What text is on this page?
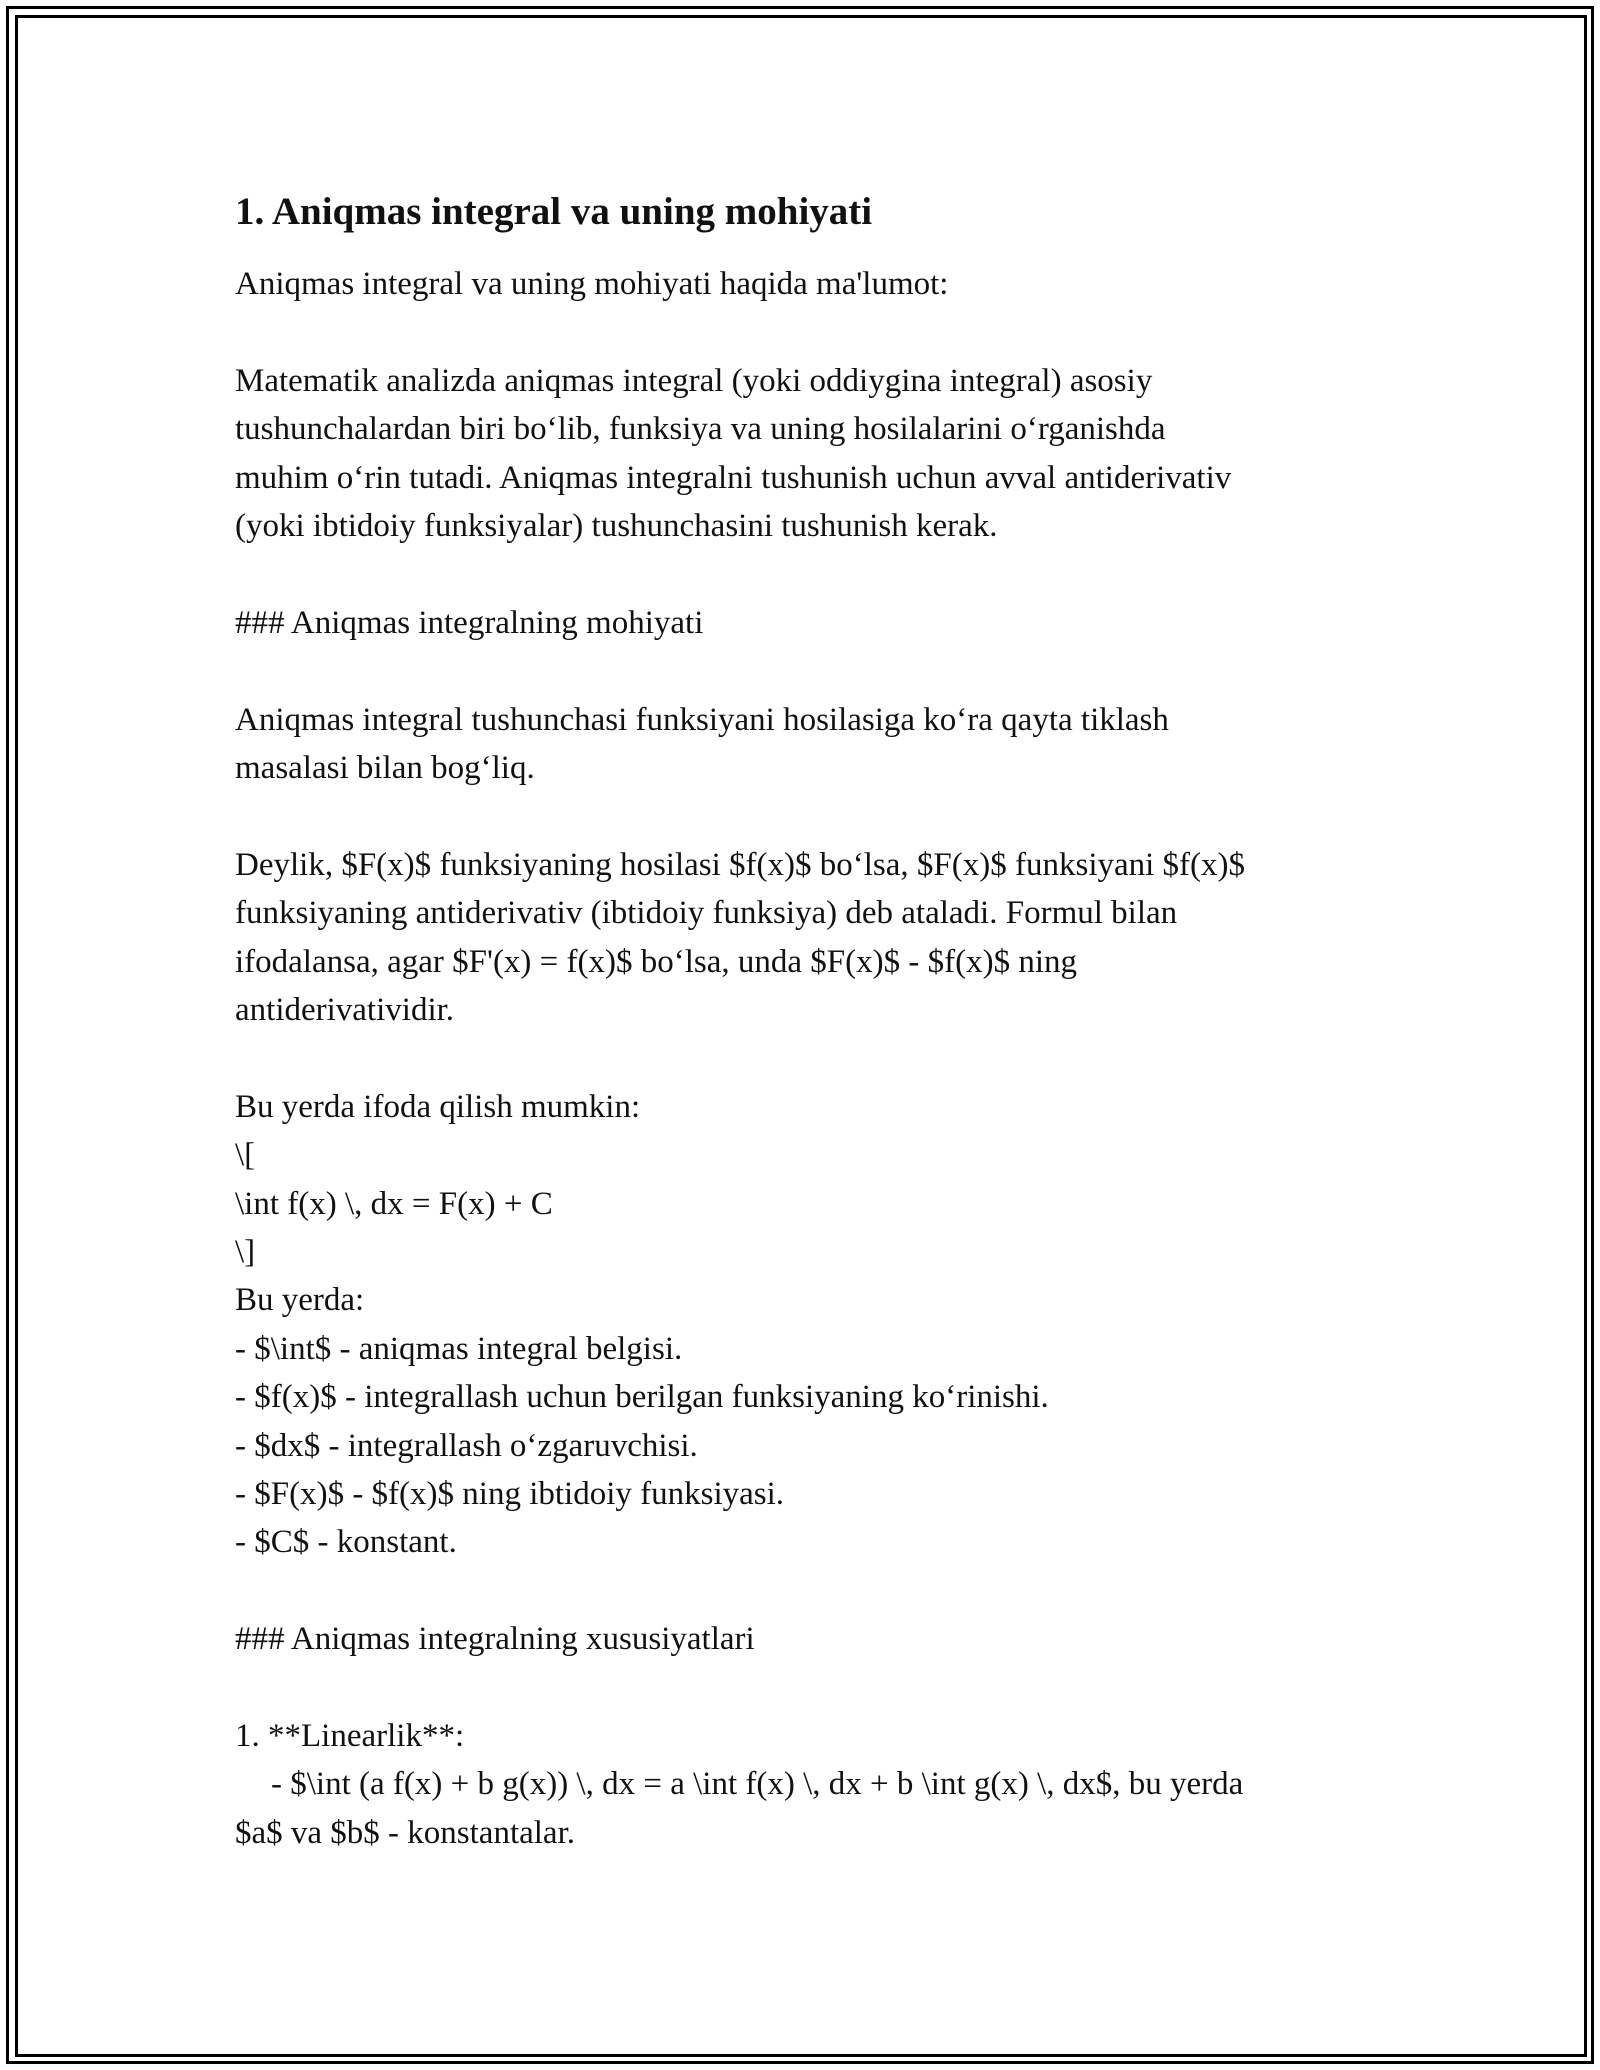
1. Aniqmas integral va uning mohiyati
Aniqmas integral va uning mohiyati haqida ma'lumot:
Matematik analizda aniqmas integral (yoki oddiygina integral) asosiy
tushunchalardan biri bo‘lib, funksiya va uning hosilalarini o‘rganishda
muhim o‘rin tutadi. Aniqmas integralni tushunish uchun avval antiderivativ
(yoki ibtidoiy funksiyalar) tushunchasini tushunish kerak.
### Aniqmas integralning mohiyati
Aniqmas integral tushunchasi funksiyani hosilasiga ko‘ra qayta tiklash
masalasi bilan bog‘liq.
Deylik, $F(x)$ funksiyaning hosilasi $f(x)$ bo‘lsa, $F(x)$ funksiyani $f(x)$
funksiyaning antiderivativ (ibtidoiy funksiya) deb ataladi. Formul bilan
ifodalansa, agar $F'(x) = f(x)$ bo‘lsa, unda $F(x)$ - $f(x)$ ning
antiderivatividir.
Bu yerda ifoda qilish mumkin:
\[
\int f(x) \, dx = F(x) + C
\]
Bu yerda:
- $\int$ - aniqmas integral belgisi.
- $f(x)$ - integrallash uchun berilgan funksiyaning ko‘rinishi.
- $dx$ - integrallash o‘zgaruvchisi.
- $F(x)$ - $f(x)$ ning ibtidoiy funksiyasi.
- $C$ - konstant.
### Aniqmas integralning xususiyatlari
1. **Linearlik**:
- $\int (a f(x) + b g(x)) \, dx = a \int f(x) \, dx + b \int g(x) \, dx$, bu yerda
$a$ va $b$ - konstantalar.
